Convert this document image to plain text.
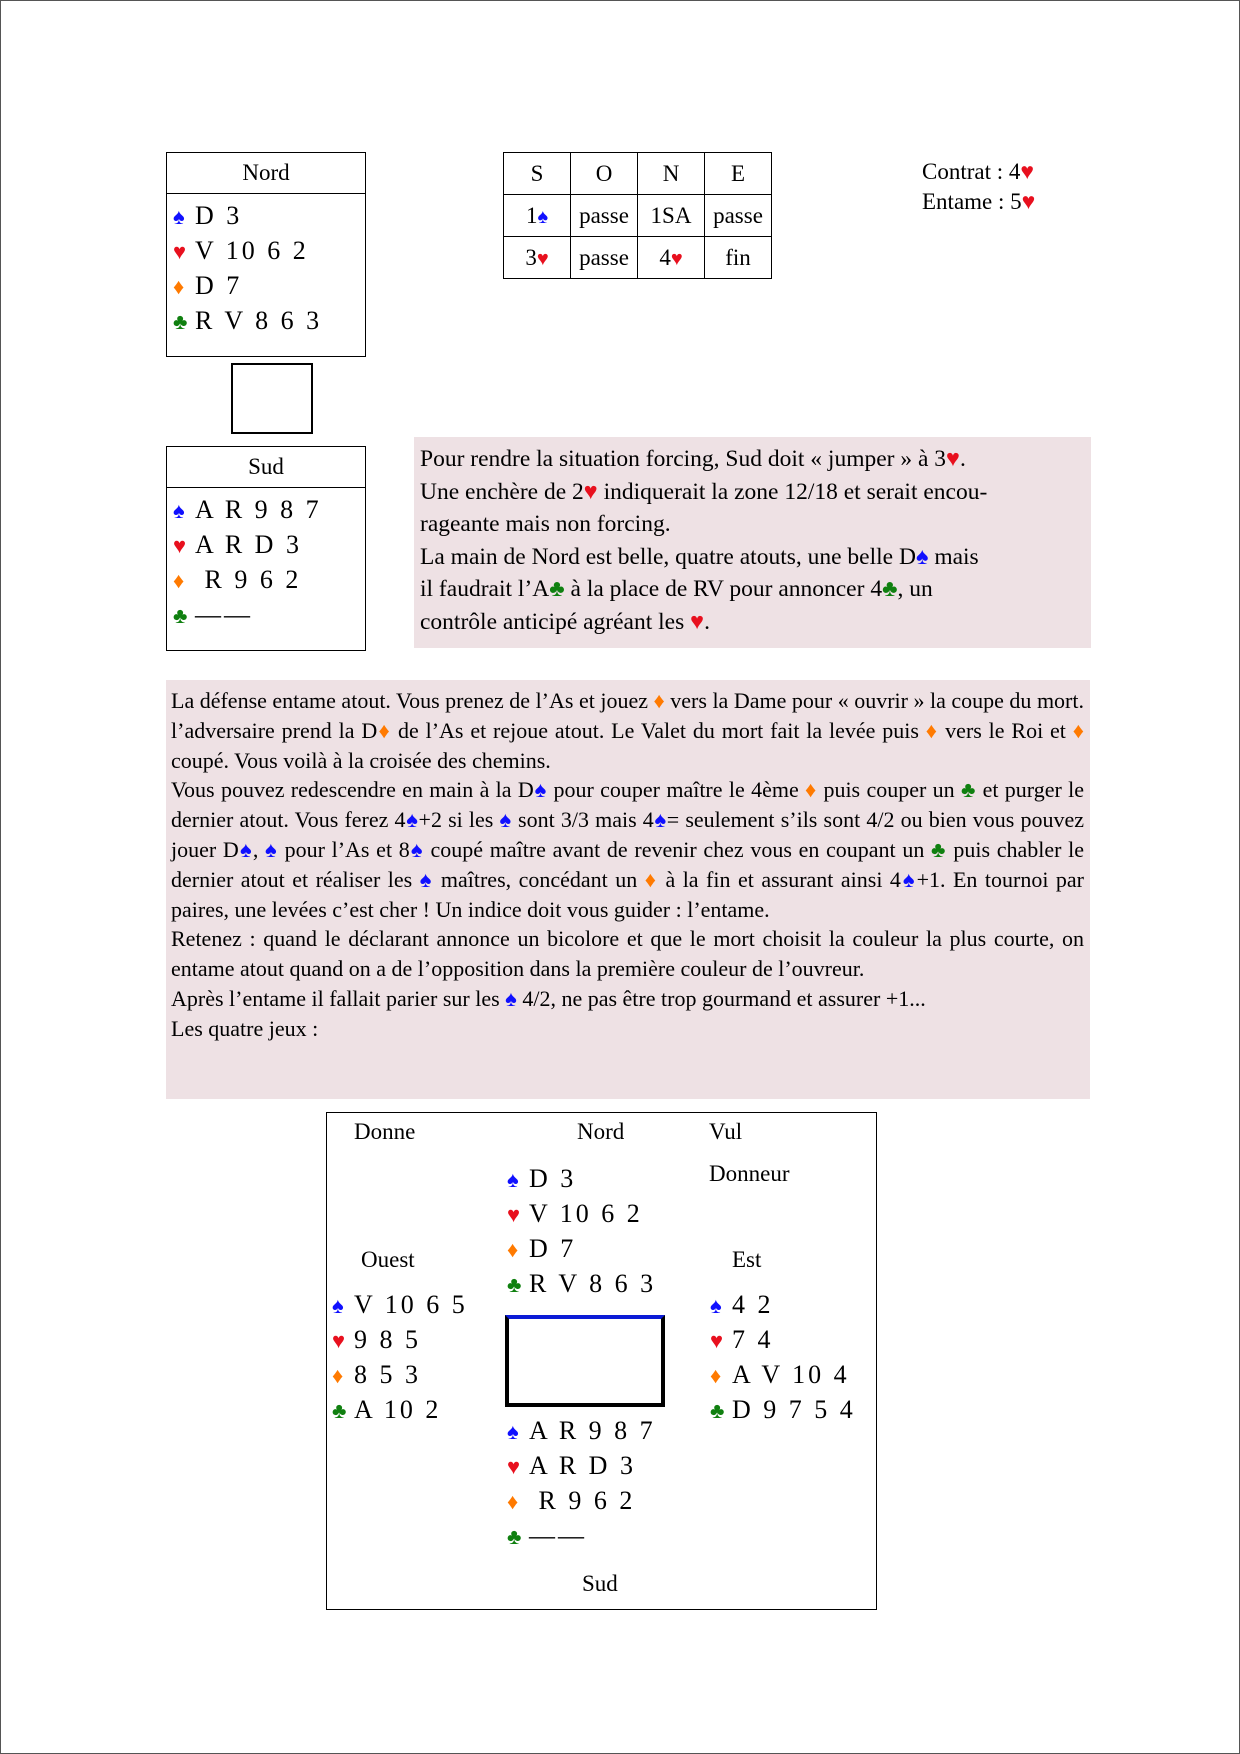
Nord
♠ D 3
♥ V 10 6 2
♦ D 7
♣ R V 8 6 3
Sud
♠ A R 9 8 7
♥ A R D 3
♦ R 9 6 2
♣ ——
S	O	N	E
1♠	passe	1SA	passe
3♥	passe	4♥	fin
Contrat : 4♥
Entame : 5♥
Pour rendre la situation forcing, Sud doit « jumper » à 3♥.
Une enchère de 2♥ indiquerait la zone 12/18 et serait encou-
rageante mais non forcing.
La main de Nord est belle, quatre atouts, une belle D♠ mais
il faudrait l’A♣ à la place de RV pour annoncer 4♣, un
contrôle anticipé agréant les ♥.
La défense entame atout. Vous prenez de l’As et jouez ♦ vers la Dame pour « ouvrir » la coupe du mort. l’adversaire prend la D♦ de l’As et rejoue atout. Le Valet du mort fait la levée puis ♦ vers le Roi et ♦ coupé. Vous voilà à la croisée des chemins.
Vous pouvez redescendre en main à la D♠ pour couper maître le 4ème ♦ puis couper un ♣ et purger le dernier atout. Vous ferez 4♠+2 si les ♠ sont 3/3 mais 4♠= seulement s’ils sont 4/2 ou bien vous pouvez jouer D♠, ♠ pour l’As et 8♠ coupé maître avant de revenir chez vous en coupant un ♣ puis chabler le dernier atout et réaliser les ♠ maîtres, concédant un ♦ à la fin et assurant ainsi 4♠+1. En tournoi par paires, une levées c’est cher ! Un indice doit vous guider : l’entame.
Retenez : quand le déclarant annonce un bicolore et que le mort choisit la couleur la plus courte, on entame atout quand on a de l’opposition dans la première couleur de l’ouvreur.
Après l’entame il fallait parier sur les ♠ 4/2, ne pas être trop gourmand et assurer +1...
Les quatre jeux :
Donne	Nord	Vul
Donneur
Ouest	Est
Sud
♠ D 3
♥ V 10 6 2
♦ D 7
♣ R V 8 6 3
♠ V 10 6 5
♥ 9 8 5
♦ 8 5 3
♣ A 10 2
♠ 4 2
♥ 7 4
♦ A V 10 4
♣ D 9 7 5 4
♠ A R 9 8 7
♥ A R D 3
♦ R 9 6 2
♣ ——
